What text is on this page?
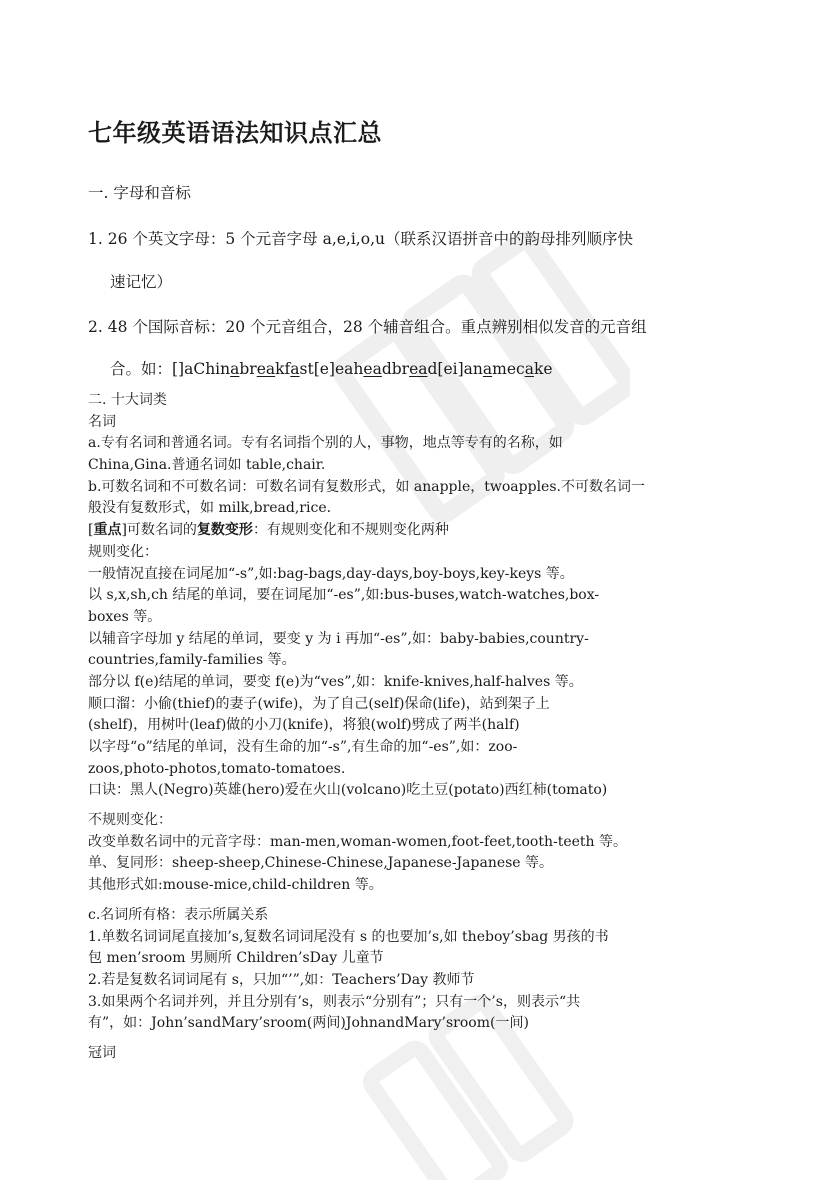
七年级英语语法知识点汇总
一. 字母和音标
1. 26 个英文字母：5 个元音字母 a,e,i,o,u（联系汉语拼音中的韵母排列顺序快
速记忆）
2. 48 个国际音标：20 个元音组合，28 个辅音组合。重点辨别相似发音的元音组
合。如：[]aChinabreakfast[e]eaheadbread[ei]anamecake
二. 十大词类
名词
a.专有名词和普通名词。专有名词指个别的人，事物，地点等专有的名称，如
China,Gina.普通名词如 table,chair.
b.可数名词和不可数名词：可数名词有复数形式，如 anapple，twoapples.不可数名词一
般没有复数形式，如 milk,bread,rice.
[重点]可数名词的复数变形：有规则变化和不规则变化两种
规则变化：
一般情况直接在词尾加“-s”,如:bag-bags,day-days,boy-boys,key-keys 等。
以 s,x,sh,ch 结尾的单词，要在词尾加“-es”,如:bus-buses,watch-watches,box-
boxes 等。
以辅音字母加 y 结尾的单词，要变 y 为 i 再加“-es”,如：baby-babies,country-
countries,family-families 等。
部分以 f(e)结尾的单词，要变 f(e)为“ves”,如：knife-knives,half-halves 等。
顺口溜：小偷(thief)的妻子(wife)，为了自己(self)保命(life)，站到架子上
(shelf)，用树叶(leaf)做的小刀(knife)，将狼(wolf)劈成了两半(half)
以字母“o”结尾的单词，没有生命的加“-s”,有生命的加“-es”,如：zoo-
zoos,photo-photos,tomato-tomatoes.
口诀：黑人(Negro)英雄(hero)爱在火山(volcano)吃土豆(potato)西红柿(tomato)
不规则变化：
改变单数名词中的元音字母：man-men,woman-women,foot-feet,tooth-teeth 等。
单、复同形：sheep-sheep,Chinese-Chinese,Japanese-Japanese 等。
其他形式如:mouse-mice,child-children 等。
c.名词所有格：表示所属关系
1.单数名词词尾直接加’s,复数名词词尾没有 s 的也要加’s,如 theboy’sbag 男孩的书
包 men’sroom 男厕所 Children’sDay 儿童节
2.若是复数名词词尾有 s，只加“’”,如：Teachers’Day 教师节
3.如果两个名词并列，并且分别有’s，则表示“分别有”；只有一个’s，则表示“共
有”，如：John’sandMary’sroom(两间)JohnandMary’sroom(一间)
冠词
